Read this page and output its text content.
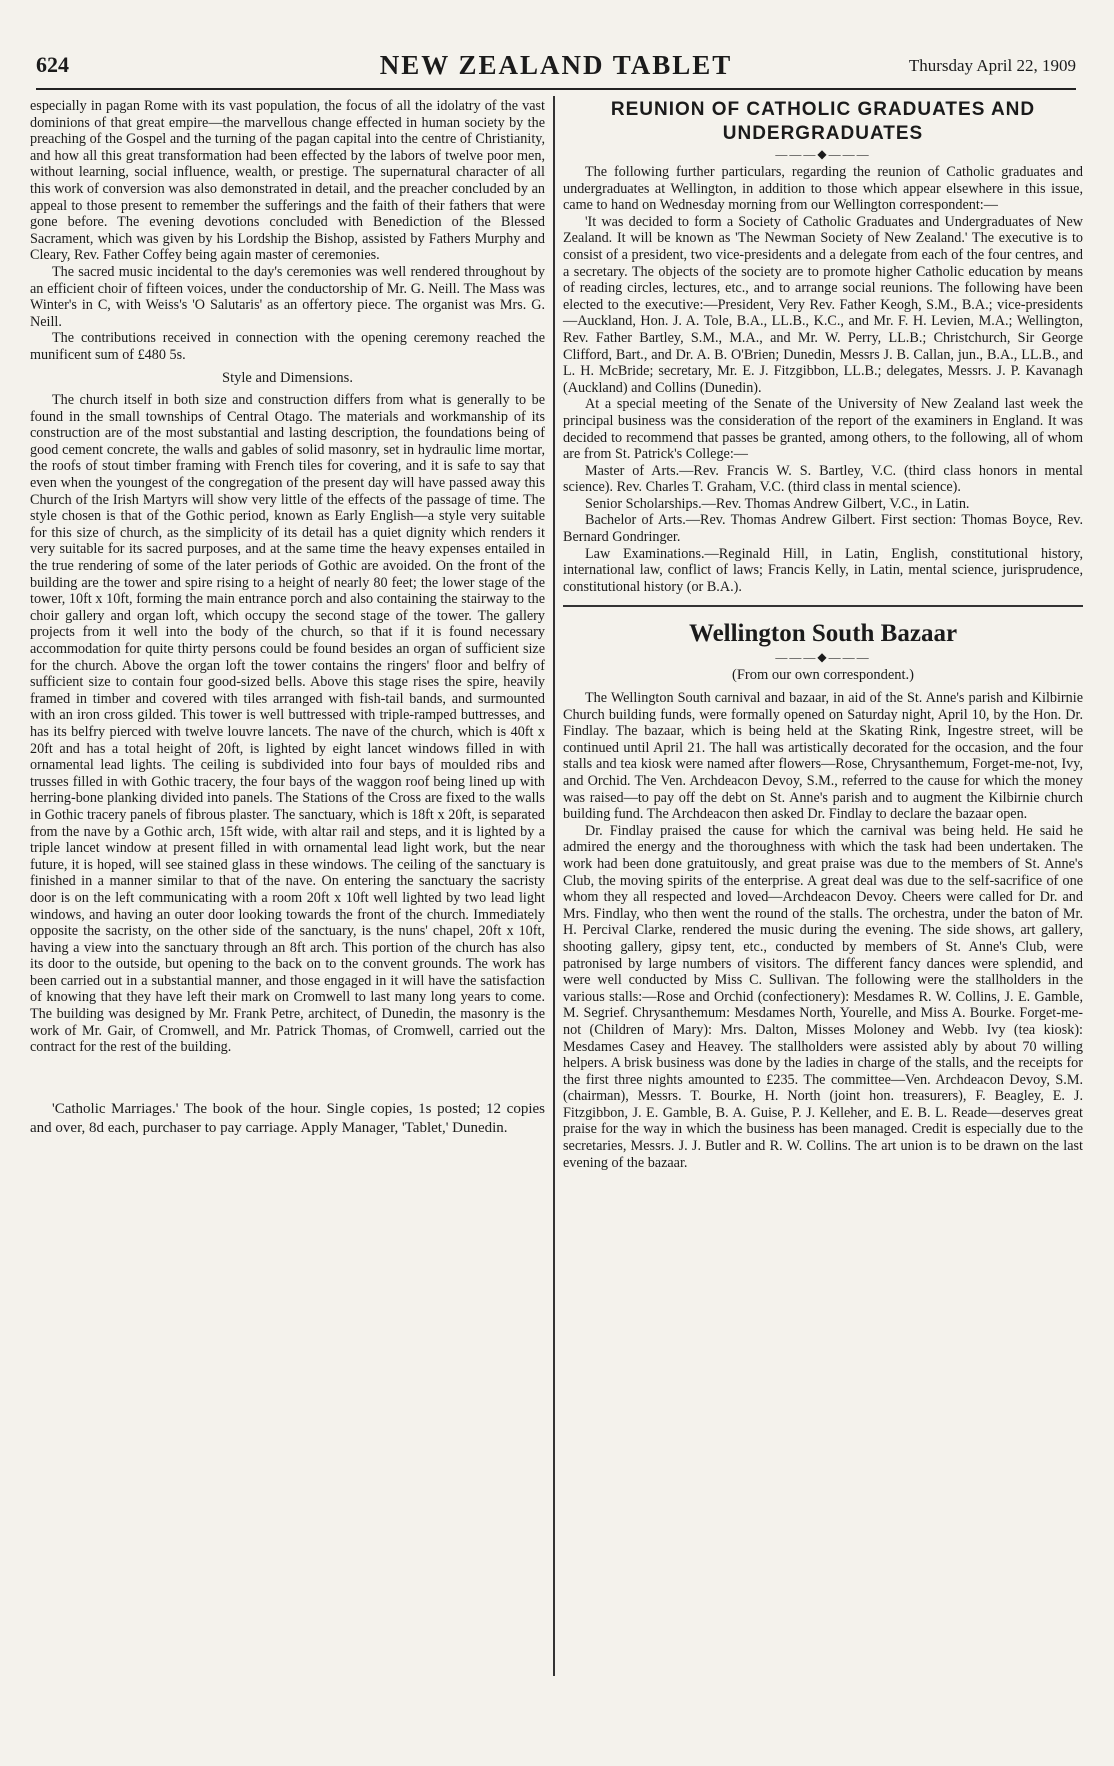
624	NEW ZEALAND TABLET	Thursday April 22, 1909

especially in pagan Rome with its vast population, the focus of all the idolatry of the vast dominions of that great empire—the marvellous change effected in human society by the preaching of the Gospel and the turning of the pagan capital into the centre of Christianity, and how all this great transformation had been effected by the labors of twelve poor men, without learning, social influence, wealth, or prestige. The supernatural character of all this work of conversion was also demonstrated in detail, and the preacher concluded by an appeal to those present to remember the sufferings and the faith of their fathers that were gone before. The evening devotions concluded with Benediction of the Blessed Sacrament, which was given by his Lordship the Bishop, assisted by Fathers Murphy and Cleary, Rev. Father Coffey being again master of ceremonies.

The sacred music incidental to the day's ceremonies was well rendered throughout by an efficient choir of fifteen voices, under the conductorship of Mr. G. Neill. The Mass was Winter's in C, with Weiss's 'O Salutaris' as an offertory piece. The organist was Mrs. G. Neill.

The contributions received in connection with the opening ceremony reached the munificent sum of £480 5s.

Style and Dimensions.

The church itself in both size and construction differs from what is generally to be found in the small townships of Central Otago. The materials and workmanship of its construction are of the most substantial and lasting description, the foundations being of good cement concrete, the walls and gables of solid masonry, set in hydraulic lime mortar, the roofs of stout timber framing with French tiles for covering, and it is safe to say that even when the youngest of the congregation of the present day will have passed away this Church of the Irish Martyrs will show very little of the effects of the passage of time. The style chosen is that of the Gothic period, known as Early English—a style very suitable for this size of church, as the simplicity of its detail has a quiet dignity which renders it very suitable for its sacred purposes, and at the same time the heavy expenses entailed in the true rendering of some of the later periods of Gothic are avoided. On the front of the building are the tower and spire rising to a height of nearly 80 feet; the lower stage of the tower, 10ft x 10ft, forming the main entrance porch and also containing the stairway to the choir gallery and organ loft, which occupy the second stage of the tower. The gallery projects from it well into the body of the church, so that if it is found necessary accommodation for quite thirty persons could be found besides an organ of sufficient size for the church. Above the organ loft the tower contains the ringers' floor and belfry of sufficient size to contain four good-sized bells. Above this stage rises the spire, heavily framed in timber and covered with tiles arranged with fish-tail bands, and surmounted with an iron cross gilded. This tower is well buttressed with triple-ramped buttresses, and has its belfry pierced with twelve louvre lancets. The nave of the church, which is 40ft x 20ft and has a total height of 20ft, is lighted by eight lancet windows filled in with ornamental lead lights. The ceiling is subdivided into four bays of moulded ribs and trusses filled in with Gothic tracery, the four bays of the waggon roof being lined up with herring-bone planking divided into panels. The Stations of the Cross are fixed to the walls in Gothic tracery panels of fibrous plaster. The sanctuary, which is 18ft x 20ft, is separated from the nave by a Gothic arch, 15ft wide, with altar rail and steps, and it is lighted by a triple lancet window at present filled in with ornamental lead light work, but the near future, it is hoped, will see stained glass in these windows. The ceiling of the sanctuary is finished in a manner similar to that of the nave. On entering the sanctuary the sacristy door is on the left communicating with a room 20ft x 10ft well lighted by two lead light windows, and having an outer door looking towards the front of the church. Immediately opposite the sacristy, on the other side of the sanctuary, is the nuns' chapel, 20ft x 10ft, having a view into the sanctuary through an 8ft arch. This portion of the church has also its door to the outside, but opening to the back on to the convent grounds. The work has been carried out in a substantial manner, and those engaged in it will have the satisfaction of knowing that they have left their mark on Cromwell to last many long years to come. The building was designed by Mr. Frank Petre, architect, of Dunedin, the masonry is the work of Mr. Gair, of Cromwell, and Mr. Patrick Thomas, of Cromwell, carried out the contract for the rest of the building.

'Catholic Marriages.' The book of the hour. Single copies, 1s posted; 12 copies and over, 8d each, purchaser to pay carriage. Apply Manager, 'Tablet,' Dunedin.

REUNION OF CATHOLIC GRADUATES AND UNDERGRADUATES
———◆———

The following further particulars, regarding the reunion of Catholic graduates and undergraduates at Wellington, in addition to those which appear elsewhere in this issue, came to hand on Wednesday morning from our Wellington correspondent:—

'It was decided to form a Society of Catholic Graduates and Undergraduates of New Zealand. It will be known as 'The Newman Society of New Zealand.' The executive is to consist of a president, two vice-presidents and a delegate from each of the four centres, and a secretary. The objects of the society are to promote higher Catholic education by means of reading circles, lectures, etc., and to arrange social reunions. The following have been elected to the executive:—President, Very Rev. Father Keogh, S.M., B.A.; vice-presidents—Auckland, Hon. J. A. Tole, B.A., LL.B., K.C., and Mr. F. H. Levien, M.A.; Wellington, Rev. Father Bartley, S.M., M.A., and Mr. W. Perry, LL.B.; Christchurch, Sir George Clifford, Bart., and Dr. A. B. O'Brien; Dunedin, Messrs J. B. Callan, jun., B.A., LL.B., and L. H. McBride; secretary, Mr. E. J. Fitzgibbon, LL.B.; delegates, Messrs. J. P. Kavanagh (Auckland) and Collins (Dunedin).

At a special meeting of the Senate of the University of New Zealand last week the principal business was the consideration of the report of the examiners in England. It was decided to recommend that passes be granted, among others, to the following, all of whom are from St. Patrick's College:—

Master of Arts.—Rev. Francis W. S. Bartley, V.C. (third class honors in mental science). Rev. Charles T. Graham, V.C. (third class in mental science).

Senior Scholarships.—Rev. Thomas Andrew Gilbert, V.C., in Latin.

Bachelor of Arts.—Rev. Thomas Andrew Gilbert. First section: Thomas Boyce, Rev. Bernard Gondringer.

Law Examinations.—Reginald Hill, in Latin, English, constitutional history, international law, conflict of laws; Francis Kelly, in Latin, mental science, jurisprudence, constitutional history (or B.A.).

Wellington South Bazaar
———◆———
(From our own correspondent.)

The Wellington South carnival and bazaar, in aid of the St. Anne's parish and Kilbirnie Church building funds, were formally opened on Saturday night, April 10, by the Hon. Dr. Findlay. The bazaar, which is being held at the Skating Rink, Ingestre street, will be continued until April 21. The hall was artistically decorated for the occasion, and the four stalls and tea kiosk were named after flowers—Rose, Chrysanthemum, Forget-me-not, Ivy, and Orchid. The Ven. Archdeacon Devoy, S.M., referred to the cause for which the money was raised—to pay off the debt on St. Anne's parish and to augment the Kilbirnie church building fund. The Archdeacon then asked Dr. Findlay to declare the bazaar open.

Dr. Findlay praised the cause for which the carnival was being held. He said he admired the energy and the thoroughness with which the task had been undertaken. The work had been done gratuitously, and great praise was due to the members of St. Anne's Club, the moving spirits of the enterprise. A great deal was due to the self-sacrifice of one whom they all respected and loved—Archdeacon Devoy. Cheers were called for Dr. and Mrs. Findlay, who then went the round of the stalls. The orchestra, under the baton of Mr. H. Percival Clarke, rendered the music during the evening. The side shows, art gallery, shooting gallery, gipsy tent, etc., conducted by members of St. Anne's Club, were patronised by large numbers of visitors. The different fancy dances were splendid, and were well conducted by Miss C. Sullivan. The following were the stallholders in the various stalls:—Rose and Orchid (confectionery): Mesdames R. W. Collins, J. E. Gamble, M. Segrief. Chrysanthemum: Mesdames North, Yourelle, and Miss A. Bourke. Forget-me-not (Children of Mary): Mrs. Dalton, Misses Moloney and Webb. Ivy (tea kiosk): Mesdames Casey and Heavey. The stallholders were assisted ably by about 70 willing helpers. A brisk business was done by the ladies in charge of the stalls, and the receipts for the first three nights amounted to £235. The committee—Ven. Archdeacon Devoy, S.M. (chairman), Messrs. T. Bourke, H. North (joint hon. treasurers), F. Beagley, E. J. Fitzgibbon, J. E. Gamble, B. A. Guise, P. J. Kelleher, and E. B. L. Reade—deserves great praise for the way in which the business has been managed. Credit is especially due to the secretaries, Messrs. J. J. Butler and R. W. Collins. The art union is to be drawn on the last evening of the bazaar.
